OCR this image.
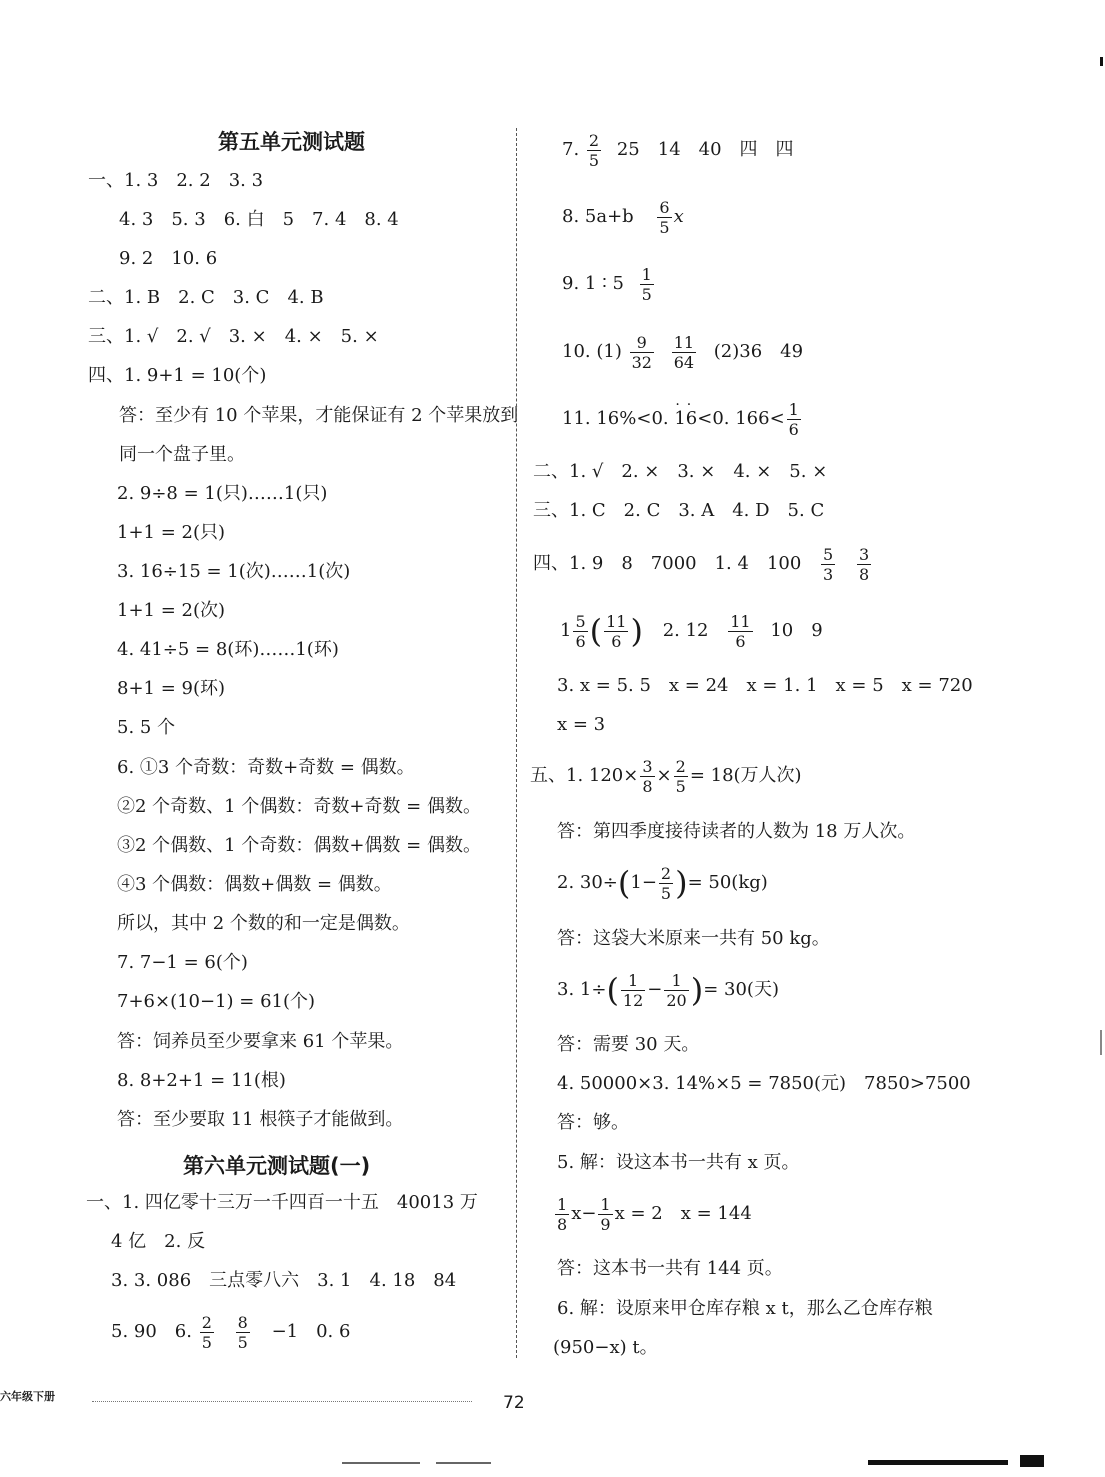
第五单元测试题
一、1. 3　2. 2　3. 3
4. 3　5. 3　6. 白　5　7. 4　8. 4
9. 2　10. 6
二、1. B　2. C　3. C　4. B
三、1. √　2. √　3. ×　4. ×　5. ×
四、1. 9+1 = 10(个)
答：至少有 10 个苹果，才能保证有 2 个苹果放到
同一个盘子里。
2. 9÷8 = 1(只)……1(只)
1+1 = 2(只)
3. 16÷15 = 1(次)……1(次)
1+1 = 2(次)
4. 41÷5 = 8(环)……1(环)
8+1 = 9(环)
5. 5 个
6. ①3 个奇数：奇数+奇数 = 偶数。
②2 个奇数、1 个偶数：奇数+奇数 = 偶数。
③2 个偶数、1 个奇数：偶数+偶数 = 偶数。
④3 个偶数：偶数+偶数 = 偶数。
所以，其中 2 个数的和一定是偶数。
7. 7−1 = 6(个)
7+6×(10−1) = 61(个)
答：饲养员至少要拿来 61 个苹果。
8. 8+2+1 = 11(根)
答：至少要取 11 根筷子才能做到。
第六单元测试题(一)
一、1. 四亿零十三万一千四百一十五　40013 万
4 亿　2. 反
3. 3. 086　三点零八六　3. 1　4. 18　84
5. 90　6. $\frac{2}{5}$
$\frac{8}{5} -1$　0. 6
7. $\frac{2}{5} 25$　14　40　四　四
8. $5a+b \frac{6}{5}$ x
9. 1 ∶ $5 \frac{1}{5}$
10. $(1) \frac{9}{32}$
$\frac{11}{64} (2)36$　49
11. 16%<0. · 1· 6<0. $166< \frac{1}{6}$
二、1. √　2. ×　3. ×　4. ×　5. ×
三、1. C　2. C　3. A　4. D　5. C
四、1. 9　8　7000　1. 4　$100 \frac{5}{3}$
$\frac{3}{8}$
$1 \frac{5}{6}$ ( $\frac{11}{6}$ ) 2. $12 \frac{11}{6} 10$　9
3. x = 5. 5　x = 24　x = 1. 1　x = 5　x = 720
x = 3
五、1. $120\times \frac{3}{8} \times \frac{2}{5} = 18$(万人次)
答：第四季度接待读者的人数为 18 万人次。
2. $30\div(1- \frac{2}{5}$ )= 50(kg)
答：这袋大米原来一共有 50 kg。
3. $1\div( \frac{1}{12} - \frac{1}{20}$ )= 30(天)
答：需要 30 天。
4. 50000×3. 14%×5 = 7850(元)　7850>7500
答：够。
5. 解：设这本书一共有 x 页。
$\frac{1}{8} x- \frac{1}{9}$ x = 2　x = 144
答：这本书一共有 144 页。
6. 解：设原来甲仓库存粮 x t，那么乙仓库存粮
(950−x) t。
六年级下册	72
